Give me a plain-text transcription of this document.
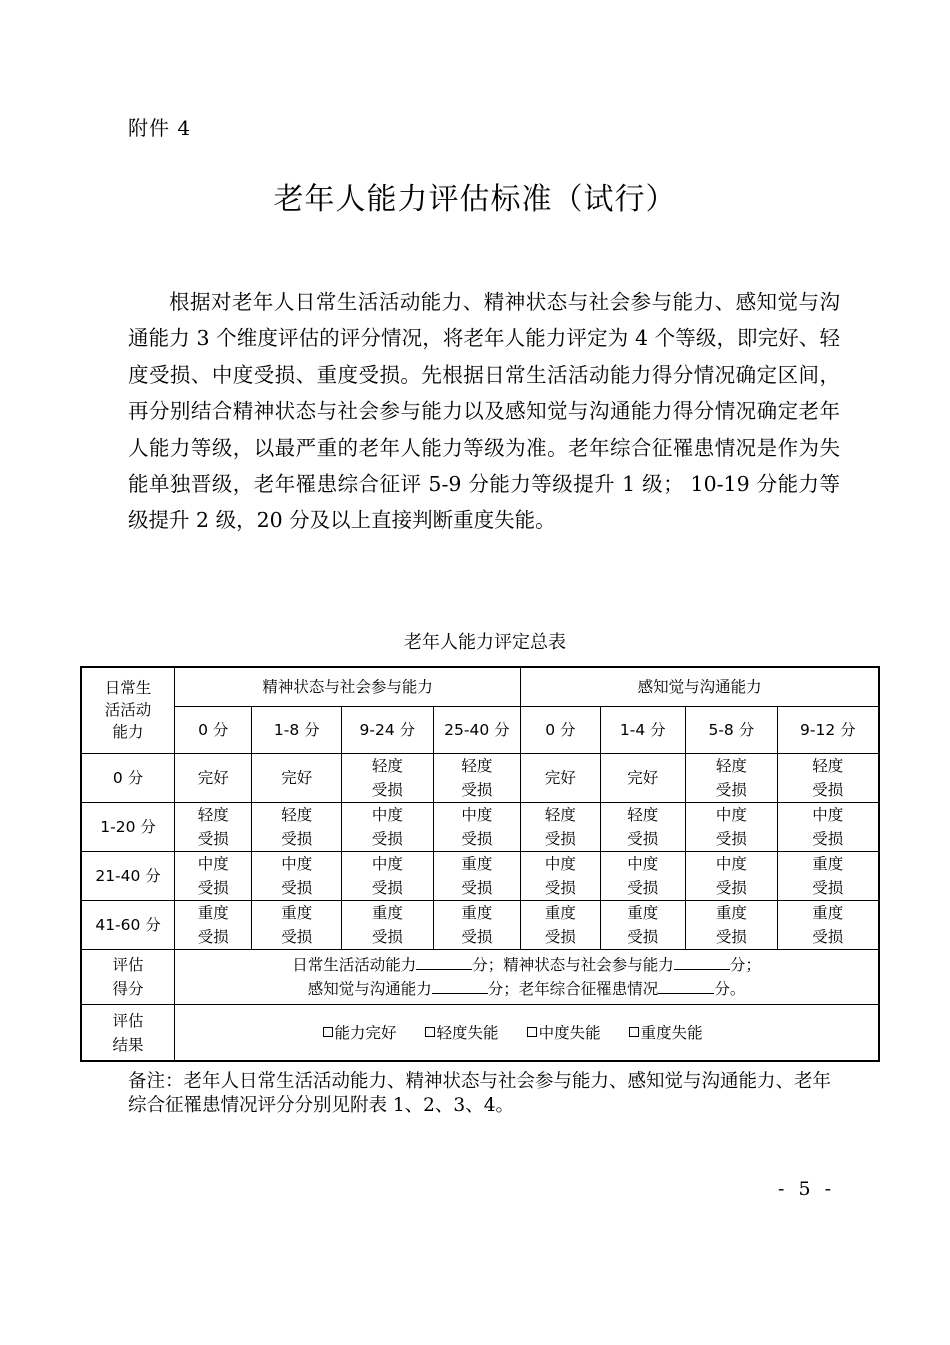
附件 4
老年人能力评估标准（试行）

根据对老年人日常生活活动能力、精神状态与社会参与能力、感知觉与沟通能力 3 个维度评估的评分情况，将老年人能力评定为 4 个等级，即完好、轻度受损、中度受损、重度受损。先根据日常生活活动能力得分情况确定区间，再分别结合精神状态与社会参与能力以及感知觉与沟通能力得分情况确定老年人能力等级，以最严重的老年人能力等级为准。老年综合征罹患情况是作为失能单独晋级，老年罹患综合征评 5-9 分能力等级提升 1 级； 10-19 分能力等级提升 2 级，20 分及以上直接判断重度失能。

老年人能力评定总表
日常生活活动能力	精神状态与社会参与能力				感知觉与沟通能力			
	0 分	1-8 分	9-24 分	25-40 分	0 分	1-4 分	5-8 分	9-12 分
0 分	完好	完好	轻度受损	轻度受损	完好	完好	轻度受损	轻度受损
1-20 分	轻度受损	轻度受损	中度受损	中度受损	轻度受损	轻度受损	中度受损	中度受损
21-40 分	中度受损	中度受损	中度受损	重度受损	中度受损	中度受损	中度受损	重度受损
41-60 分	重度受损	重度受损	重度受损	重度受损	重度受损	重度受损	重度受损	重度受损
评估得分	日常生活活动能力 分；精神状态与社会参与能力 分；
感知觉与沟通能力 分；老年综合征罹患情况 分。							

评估结果	能力完好 轻度失能 中度失能 重度失能							

备注：老年人日常生活活动能力、精神状态与社会参与能力、感知觉与沟通能力、老年综合征罹患情况评分分别见附表 1、2、3、4。

- 5 -
